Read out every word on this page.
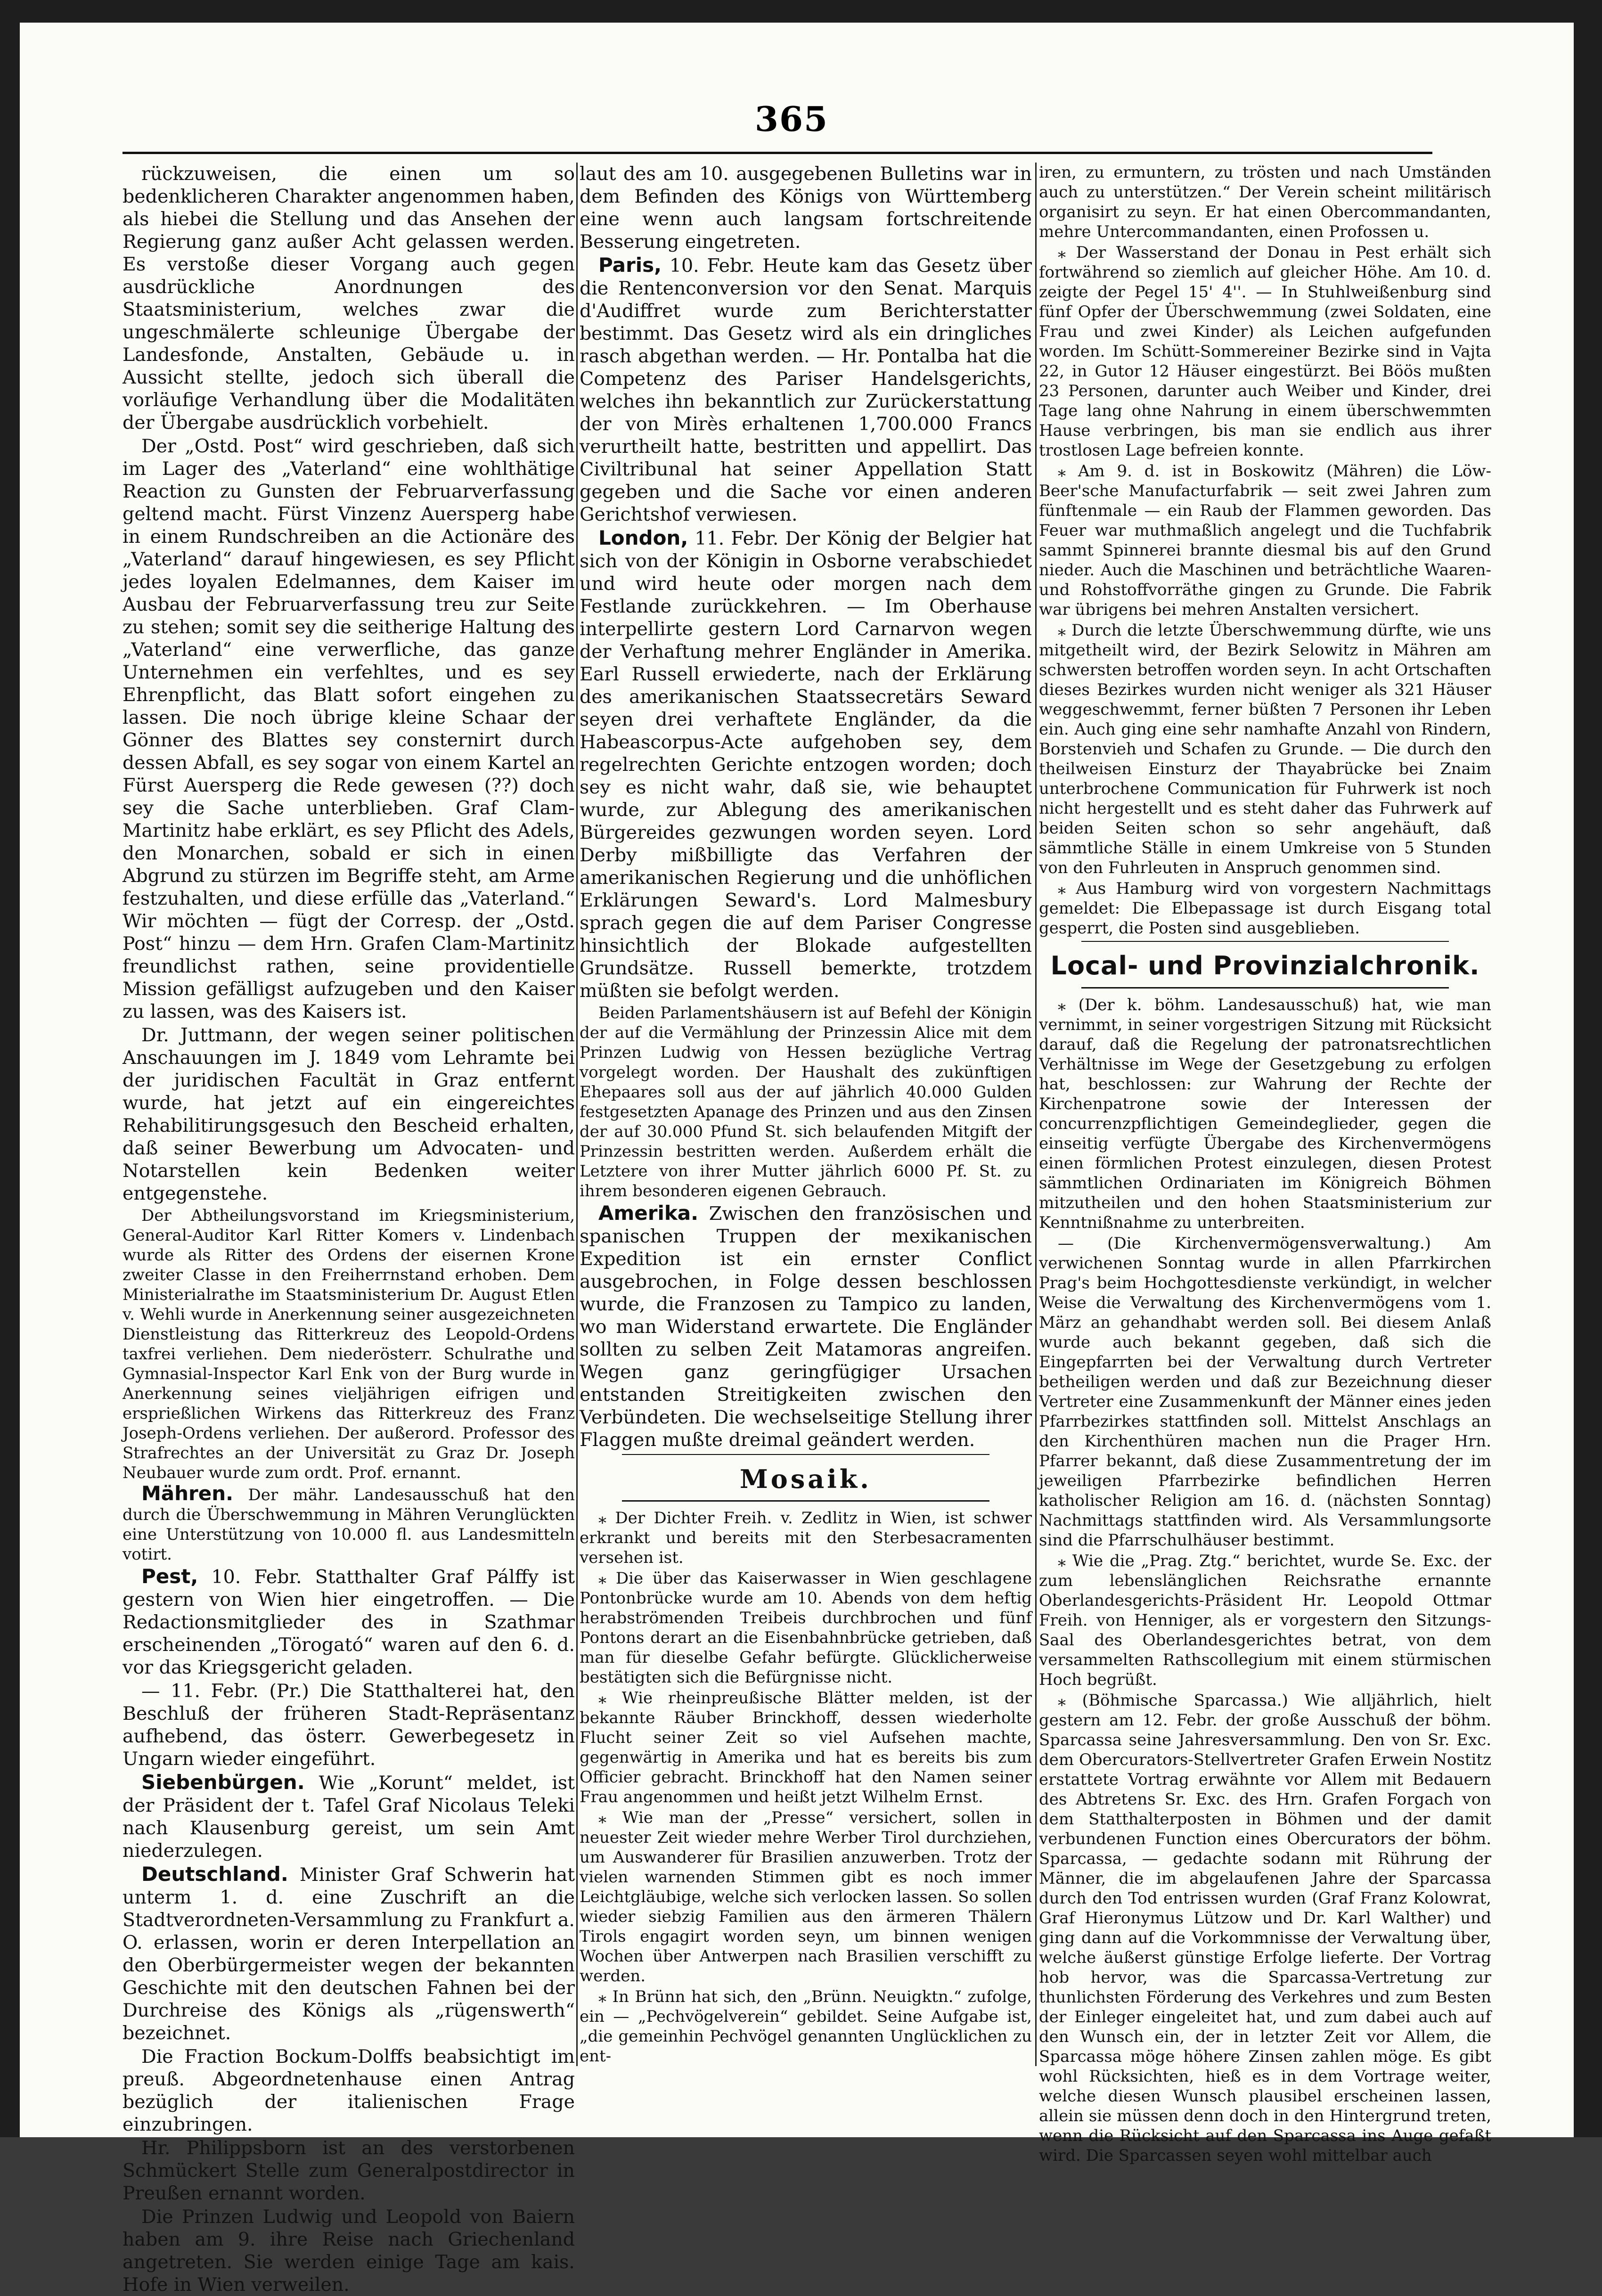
365

rückzuweisen, die einen um so bedenklicheren Charakter angenommen haben, als hiebei die Stellung und das Ansehen der Regierung ganz außer Acht gelassen werden. Es verstoße dieser Vorgang auch gegen ausdrückliche Anordnungen des Staatsministerium, welches zwar die ungeschmälerte schleunige Übergabe der Landesfonde, Anstalten, Gebäude u. in Aussicht stellte, jedoch sich überall die vorläufige Verhandlung über die Modalitäten der Übergabe ausdrücklich vorbehielt.

Der „Ostd. Post“ wird geschrieben, daß sich im Lager des „Vaterland“ eine wohlthätige Reaction zu Gunsten der Februarverfassung geltend macht. Fürst Vinzenz Auersperg habe in einem Rundschreiben an die Actionäre des „Vaterland“ darauf hingewiesen, es sey Pflicht jedes loyalen Edelmannes, dem Kaiser im Ausbau der Februarverfassung treu zur Seite zu stehen; somit sey die seitherige Haltung des „Vaterland“ eine verwerfliche, das ganze Unternehmen ein verfehltes, und es sey Ehrenpflicht, das Blatt sofort eingehen zu lassen. Die noch übrige kleine Schaar der Gönner des Blattes sey consternirt durch dessen Abfall, es sey sogar von einem Kartel an Fürst Auersperg die Rede gewesen (??) doch sey die Sache unterblieben. Graf Clam-Martinitz habe erklärt, es sey Pflicht des Adels, den Monarchen, sobald er sich in einen Abgrund zu stürzen im Begriffe steht, am Arme festzuhalten, und diese erfülle das „Vaterland.“ Wir möchten — fügt der Corresp. der „Ostd. Post“ hinzu — dem Hrn. Grafen Clam-Martinitz freundlichst rathen, seine providentielle Mission gefälligst aufzugeben und den Kaiser zu lassen, was des Kaisers ist.

Dr. Juttmann, der wegen seiner politischen Anschauungen im J. 1849 vom Lehramte bei der juridischen Facultät in Graz entfernt wurde, hat jetzt auf ein eingereichtes Rehabilitirungsgesuch den Bescheid erhalten, daß seiner Bewerbung um Advocaten- und Notarstellen kein Bedenken weiter entgegenstehe.

Der Abtheilungsvorstand im Kriegsministerium, General-Auditor Karl Ritter Komers v. Lindenbach wurde als Ritter des Ordens der eisernen Krone zweiter Classe in den Freiherrnstand erhoben. Dem Ministerialrathe im Staatsministerium Dr. August Etlen v. Wehli wurde in Anerkennung seiner ausgezeichneten Dienstleistung das Ritterkreuz des Leopold-Ordens taxfrei verliehen. Dem niederösterr. Schulrathe und Gymnasial-Inspector Karl Enk von der Burg wurde in Anerkennung seines vieljährigen eifrigen und ersprießlichen Wirkens das Ritterkreuz des Franz Joseph-Ordens verliehen. Der außerord. Professor des Strafrechtes an der Universität zu Graz Dr. Joseph Neubauer wurde zum ordt. Prof. ernannt.

Mähren. Der mähr. Landesausschuß hat den durch die Überschwemmung in Mähren Verunglückten eine Unterstützung von 10.000 fl. aus Landesmitteln votirt.

Pest, 10. Febr. Statthalter Graf Pálffy ist gestern von Wien hier eingetroffen. — Die Redactionsmitglieder des in Szathmar erscheinenden „Törogató“ waren auf den 6. d. vor das Kriegsgericht geladen.

— 11. Febr. (Pr.) Die Statthalterei hat, den Beschluß der früheren Stadt-Repräsentanz aufhebend, das österr. Gewerbegesetz in Ungarn wieder eingeführt.

Siebenbürgen. Wie „Korunt“ meldet, ist der Präsident der t. Tafel Graf Nicolaus Teleki nach Klausenburg gereist, um sein Amt niederzulegen.

Deutschland. Minister Graf Schwerin hat unterm 1. d. eine Zuschrift an die Stadtverordneten-Versammlung zu Frankfurt a. O. erlassen, worin er deren Interpellation an den Oberbürgermeister wegen der bekannten Geschichte mit den deutschen Fahnen bei der Durchreise des Königs als „rügenswerth“ bezeichnet.

Die Fraction Bockum-Dolffs beabsichtigt im preuß. Abgeordnetenhause einen Antrag bezüglich der italienischen Frage einzubringen.

Hr. Philippsborn ist an des verstorbenen Schmückert Stelle zum Generalpostdirector in Preußen ernannt worden.

Die Prinzen Ludwig und Leopold von Baiern haben am 9. ihre Reise nach Griechenland angetreten. Sie werden einige Tage am kais. Hofe in Wien verweilen.

laut des am 10. ausgegebenen Bulletins war in dem Befinden des Königs von Württemberg eine wenn auch langsam fortschreitende Besserung eingetreten.

Paris, 10. Febr. Heute kam das Gesetz über die Rentenconversion vor den Senat. Marquis d'Audiffret wurde zum Berichterstatter bestimmt. Das Gesetz wird als ein dringliches rasch abgethan werden. — Hr. Pontalba hat die Competenz des Pariser Handelsgerichts, welches ihn bekanntlich zur Zurückerstattung der von Mirès erhaltenen 1,700.000 Francs verurtheilt hatte, bestritten und appellirt. Das Civiltribunal hat seiner Appellation Statt gegeben und die Sache vor einen anderen Gerichtshof verwiesen.

London, 11. Febr. Der König der Belgier hat sich von der Königin in Osborne verabschiedet und wird heute oder morgen nach dem Festlande zurückkehren. — Im Oberhause interpellirte gestern Lord Carnarvon wegen der Verhaftung mehrer Engländer in Amerika. Earl Russell erwiederte, nach der Erklärung des amerikanischen Staatssecretärs Seward seyen drei verhaftete Engländer, da die Habeascorpus-Acte aufgehoben sey, dem regelrechten Gerichte entzogen worden; doch sey es nicht wahr, daß sie, wie behauptet wurde, zur Ablegung des amerikanischen Bürgereides gezwungen worden seyen. Lord Derby mißbilligte das Verfahren der amerikanischen Regierung und die unhöflichen Erklärungen Seward's. Lord Malmesbury sprach gegen die auf dem Pariser Congresse hinsichtlich der Blokade aufgestellten Grundsätze. Russell bemerkte, trotzdem müßten sie befolgt werden.

Beiden Parlamentshäusern ist auf Befehl der Königin der auf die Vermählung der Prinzessin Alice mit dem Prinzen Ludwig von Hessen bezügliche Vertrag vorgelegt worden. Der Haushalt des zukünftigen Ehepaares soll aus der auf jährlich 40.000 Gulden festgesetzten Apanage des Prinzen und aus den Zinsen der auf 30.000 Pfund St. sich belaufenden Mitgift der Prinzessin bestritten werden. Außerdem erhält die Letztere von ihrer Mutter jährlich 6000 Pf. St. zu ihrem besonderen eigenen Gebrauch.

Amerika. Zwischen den französischen und spanischen Truppen der mexikanischen Expedition ist ein ernster Conflict ausgebrochen, in Folge dessen beschlossen wurde, die Franzosen zu Tampico zu landen, wo man Widerstand erwartete. Die Engländer sollten zu selben Zeit Matamoras angreifen. Wegen ganz geringfügiger Ursachen entstanden Streitigkeiten zwischen den Verbündeten. Die wechselseitige Stellung ihrer Flaggen mußte dreimal geändert werden.

Mosaik.

⁎ Der Dichter Freih. v. Zedlitz in Wien, ist schwer erkrankt und bereits mit den Sterbesacramenten versehen ist.

⁎ Die über das Kaiserwasser in Wien geschlagene Pontonbrücke wurde am 10. Abends von dem heftig herabströmenden Treibeis durchbrochen und fünf Pontons derart an die Eisenbahnbrücke getrieben, daß man für dieselbe Gefahr befürgte. Glücklicherweise bestätigten sich die Befürgnisse nicht.

⁎ Wie rheinpreußische Blätter melden, ist der bekannte Räuber Brinckhoff, dessen wiederholte Flucht seiner Zeit so viel Aufsehen machte, gegenwärtig in Amerika und hat es bereits bis zum Officier gebracht. Brinckhoff hat den Namen seiner Frau angenommen und heißt jetzt Wilhelm Ernst.

⁎ Wie man der „Presse“ versichert, sollen in neuester Zeit wieder mehre Werber Tirol durchziehen, um Auswanderer für Brasilien anzuwerben. Trotz der vielen warnenden Stimmen gibt es noch immer Leichtgläubige, welche sich verlocken lassen. So sollen wieder siebzig Familien aus den ärmeren Thälern Tirols engagirt worden seyn, um binnen wenigen Wochen über Antwerpen nach Brasilien verschifft zu werden.

⁎ In Brünn hat sich, den „Brünn. Neuigktn.“ zufolge, ein — „Pechvögelverein“ gebildet. Seine Aufgabe ist, „die gemeinhin Pechvögel genannten Unglücklichen zu ent-

iren, zu ermuntern, zu trösten und nach Umständen auch zu unterstützen.“ Der Verein scheint militärisch organisirt zu seyn. Er hat einen Obercommandanten, mehre Untercommandanten, einen Profossen u.

⁎ Der Wasserstand der Donau in Pest erhält sich fortwährend so ziemlich auf gleicher Höhe. Am 10. d. zeigte der Pegel 15' 4''. — In Stuhlweißenburg sind fünf Opfer der Überschwemmung (zwei Soldaten, eine Frau und zwei Kinder) als Leichen aufgefunden worden. Im Schütt-Sommereiner Bezirke sind in Vajta 22, in Gutor 12 Häuser eingestürzt. Bei Böös mußten 23 Personen, darunter auch Weiber und Kinder, drei Tage lang ohne Nahrung in einem überschwemmten Hause verbringen, bis man sie endlich aus ihrer trostlosen Lage befreien konnte.

⁎ Am 9. d. ist in Boskowitz (Mähren) die Löw-Beer'sche Manufacturfabrik — seit zwei Jahren zum fünftenmale — ein Raub der Flammen geworden. Das Feuer war muthmaßlich angelegt und die Tuchfabrik sammt Spinnerei brannte diesmal bis auf den Grund nieder. Auch die Maschinen und beträchtliche Waaren- und Rohstoffvorräthe gingen zu Grunde. Die Fabrik war übrigens bei mehren Anstalten versichert.

⁎ Durch die letzte Überschwemmung dürfte, wie uns mitgetheilt wird, der Bezirk Selowitz in Mähren am schwersten betroffen worden seyn. In acht Ortschaften dieses Bezirkes wurden nicht weniger als 321 Häuser weggeschwemmt, ferner büßten 7 Personen ihr Leben ein. Auch ging eine sehr namhafte Anzahl von Rindern, Borstenvieh und Schafen zu Grunde. — Die durch den theilweisen Einsturz der Thayabrücke bei Znaim unterbrochene Communication für Fuhrwerk ist noch nicht hergestellt und es steht daher das Fuhrwerk auf beiden Seiten schon so sehr angehäuft, daß sämmtliche Ställe in einem Umkreise von 5 Stunden von den Fuhrleuten in Anspruch genommen sind.

⁎ Aus Hamburg wird von vorgestern Nachmittags gemeldet: Die Elbepassage ist durch Eisgang total gesperrt, die Posten sind ausgeblieben.

Local- und Provinzialchronik.

⁎ (Der k. böhm. Landesausschuß) hat, wie man vernimmt, in seiner vorgestrigen Sitzung mit Rücksicht darauf, daß die Regelung der patronatsrechtlichen Verhältnisse im Wege der Gesetzgebung zu erfolgen hat, beschlossen: zur Wahrung der Rechte der Kirchenpatrone sowie der Interessen der concurrenzpflichtigen Gemeindeglieder, gegen die einseitig verfügte Übergabe des Kirchenvermögens einen förmlichen Protest einzulegen, diesen Protest sämmtlichen Ordinariaten im Königreich Böhmen mitzutheilen und den hohen Staatsministerium zur Kenntnißnahme zu unterbreiten.

— (Die Kirchenvermögensverwaltung.) Am verwichenen Sonntag wurde in allen Pfarrkirchen Prag's beim Hochgottesdienste verkündigt, in welcher Weise die Verwaltung des Kirchenvermögens vom 1. März an gehandhabt werden soll. Bei diesem Anlaß wurde auch bekannt gegeben, daß sich die Eingepfarrten bei der Verwaltung durch Vertreter betheiligen werden und daß zur Bezeichnung dieser Vertreter eine Zusammenkunft der Männer eines jeden Pfarrbezirkes stattfinden soll. Mittelst Anschlags an den Kirchenthüren machen nun die Prager Hrn. Pfarrer bekannt, daß diese Zusammentretung der im jeweiligen Pfarrbezirke befindlichen Herren katholischer Religion am 16. d. (nächsten Sonntag) Nachmittags stattfinden wird. Als Versammlungsorte sind die Pfarrschulhäuser bestimmt.

⁎ Wie die „Prag. Ztg.“ berichtet, wurde Se. Exc. der zum lebenslänglichen Reichsrathe ernannte Oberlandesgerichts-Präsident Hr. Leopold Ottmar Freih. von Henniger, als er vorgestern den Sitzungs-Saal des Oberlandesgerichtes betrat, von dem versammelten Rathscollegium mit einem stürmischen Hoch begrüßt.

⁎ (Böhmische Sparcassa.) Wie alljährlich, hielt gestern am 12. Febr. der große Ausschuß der böhm. Sparcassa seine Jahresversammlung. Den von Sr. Exc. dem Obercurators-Stellvertreter Grafen Erwein Nostitz erstattete Vortrag erwähnte vor Allem mit Bedauern des Abtretens Sr. Exc. des Hrn. Grafen Forgach von dem Statthalterposten in Böhmen und der damit verbundenen Function eines Obercurators der böhm. Sparcassa, — gedachte sodann mit Rührung der Männer, die im abgelaufenen Jahre der Sparcassa durch den Tod entrissen wurden (Graf Franz Kolowrat, Graf Hieronymus Lützow und Dr. Karl Walther) und ging dann auf die Vorkommnisse der Verwaltung über, welche äußerst günstige Erfolge lieferte. Der Vortrag hob hervor, was die Sparcassa-Vertretung zur thunlichsten Förderung des Verkehres und zum Besten der Einleger eingeleitet hat, und zum dabei auch auf den Wunsch ein, der in letzter Zeit vor Allem, die Sparcassa möge höhere Zinsen zahlen möge. Es gibt wohl Rücksichten, hieß es in dem Vortrage weiter, welche diesen Wunsch plausibel erscheinen lassen, allein sie müssen denn doch in den Hintergrund treten, wenn die Rücksicht auf den Sparcassa ins Auge gefaßt wird. Die Sparcassen seyen wohl mittelbar auch
